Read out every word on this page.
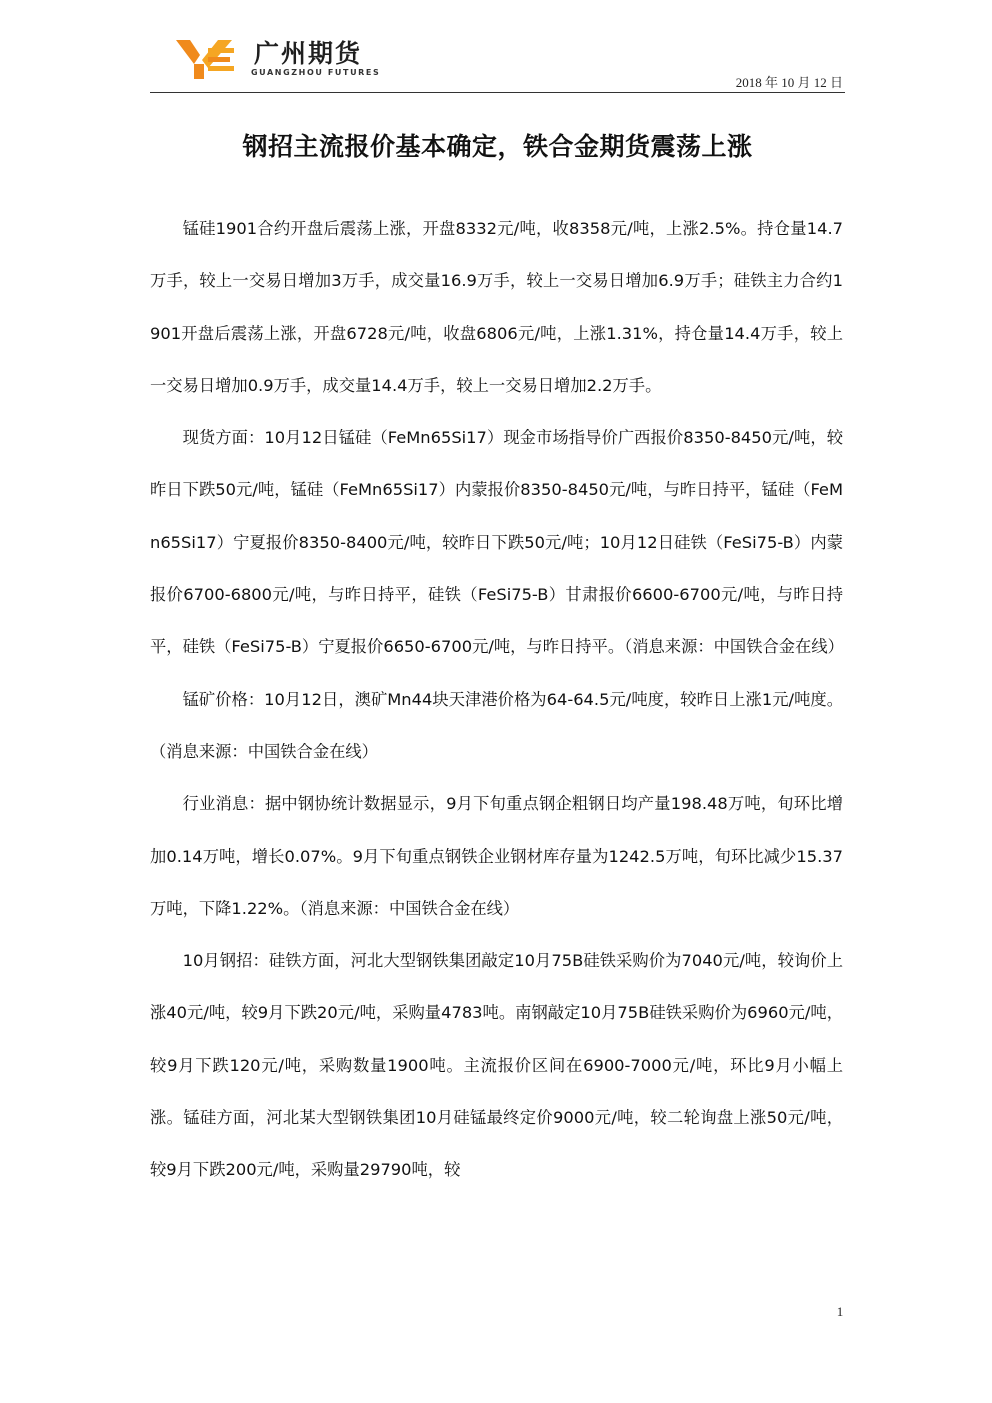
广州期货
GUANGZHOU FUTURES
2018 年 10 月 12 日
钢招主流报价基本确定，铁合金期货震荡上涨

锰硅1901合约开盘后震荡上涨，开盘8332元/吨，收8358元/吨，上涨2.5%。持仓量14.7万手，较上一交易日增加3万手，成交量16.9万手，较上一交易日增加6.9万手；硅铁主力合约1901开盘后震荡上涨，开盘6728元/吨，收盘6806元/吨，上涨1.31%，持仓量14.4万手，较上一交易日增加0.9万手，成交量14.4万手，较上一交易日增加2.2万手。

现货方面：10月12日锰硅（FeMn65Si17）现金市场指导价广西报价8350-8450元/吨，较昨日下跌50元/吨，锰硅（FeMn65Si17）内蒙报价8350-8450元/吨，与昨日持平，锰硅（FeMn65Si17）宁夏报价8350-8400元/吨，较昨日下跌50元/吨；10月12日硅铁（FeSi75-B）内蒙报价6700-6800元/吨，与昨日持平，硅铁（FeSi75-B）甘肃报价6600-6700元/吨，与昨日持平，硅铁（FeSi75-B）宁夏报价6650-6700元/吨，与昨日持平。（消息来源：中国铁合金在线）

锰矿价格：10月12日，澳矿Mn44块天津港价格为64-64.5元/吨度，较昨日上涨1元/吨度。（消息来源：中国铁合金在线）

行业消息：据中钢协统计数据显示，9月下旬重点钢企粗钢日均产量198.48万吨，旬环比增加0.14万吨，增长0.07%。9月下旬重点钢铁企业钢材库存量为1242.5万吨，旬环比减少15.37万吨，下降1.22%。（消息来源：中国铁合金在线）

10月钢招：硅铁方面，河北大型钢铁集团敲定10月75B硅铁采购价为7040元/吨，较询价上涨40元/吨，较9月下跌20元/吨，采购量4783吨。南钢敲定10月75B硅铁采购价为6960元/吨，较9月下跌120元/吨，采购数量1900吨。主流报价区间在6900-7000元/吨，环比9月小幅上涨。锰硅方面，河北某大型钢铁集团10月硅锰最终定价9000元/吨，较二轮询盘上涨50元/吨，较9月下跌200元/吨，采购量29790吨，较

1
